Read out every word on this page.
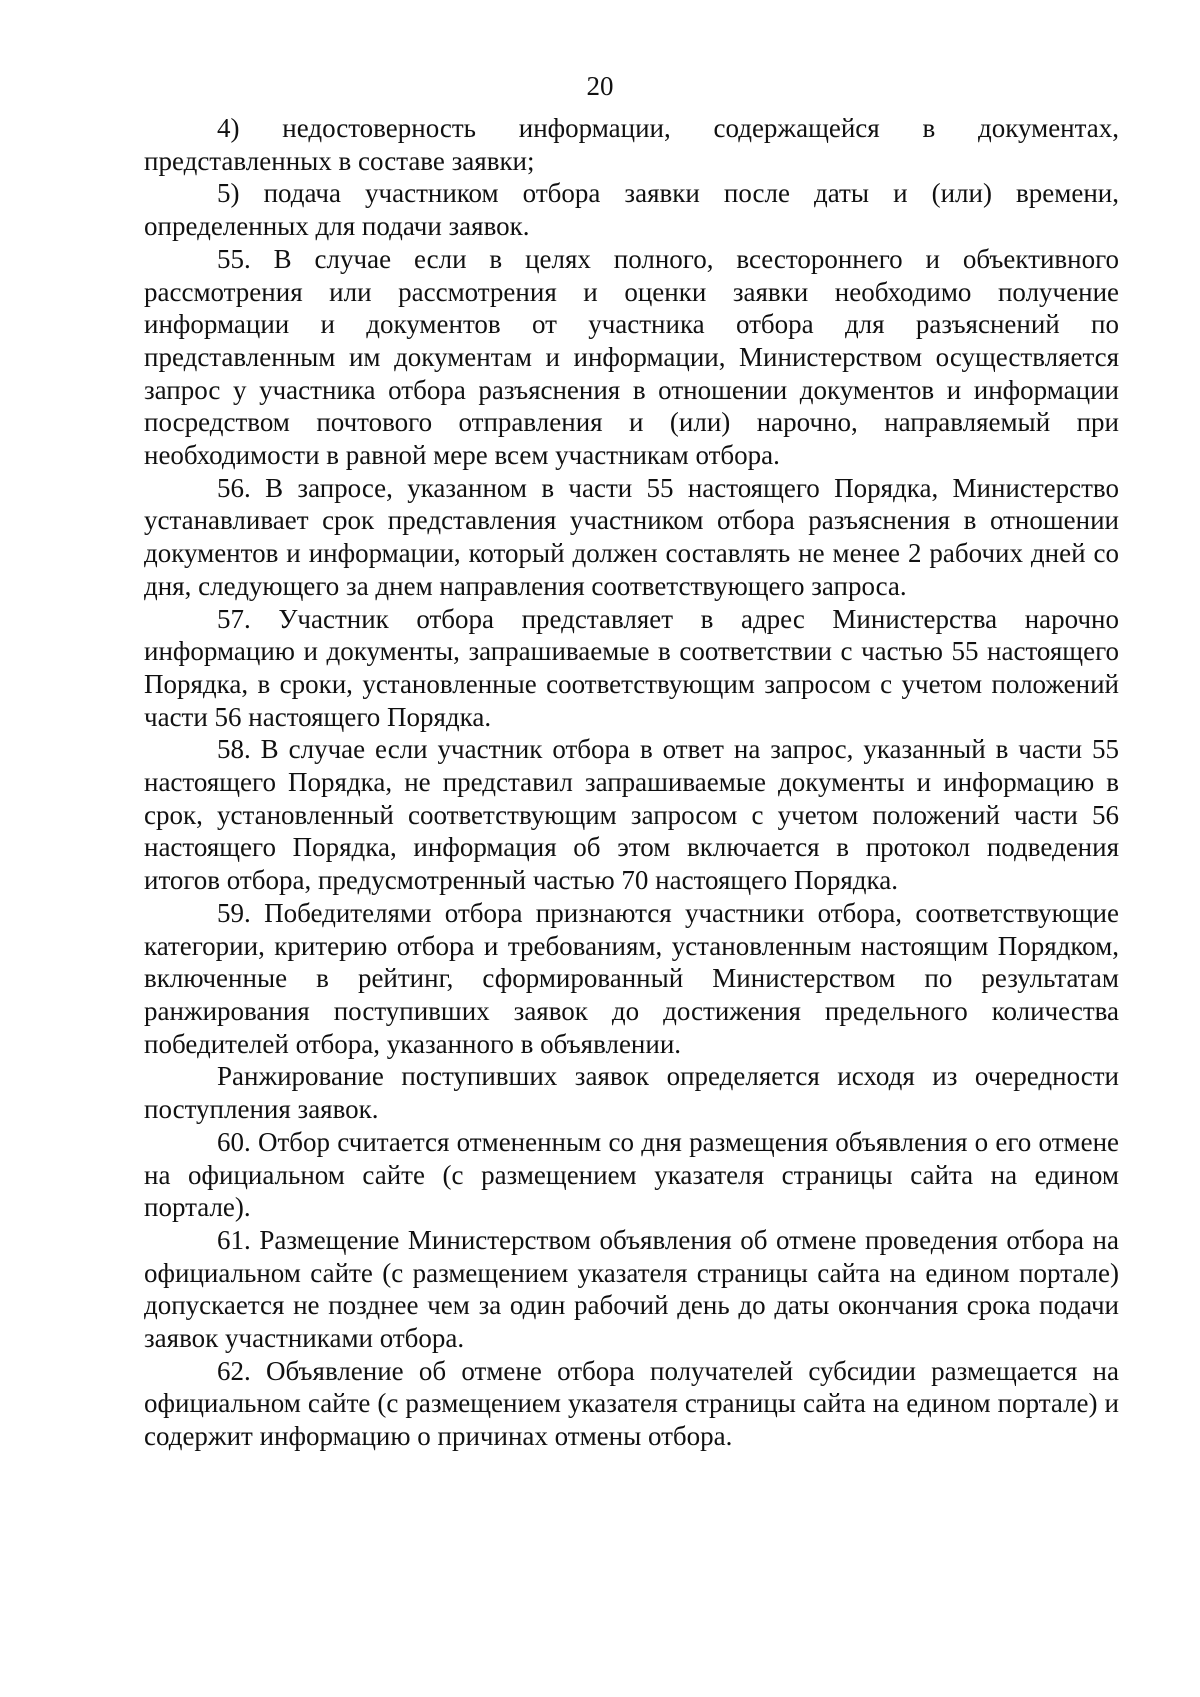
20

4) недостоверность информации, содержащейся в документах, представленных в составе заявки;

5) подача участником отбора заявки после даты и (или) времени, определенных для подачи заявок.

55. В случае если в целях полного, всестороннего и объективного рассмотрения или рассмотрения и оценки заявки необходимо получение информации и документов от участника отбора для разъяснений по представленным им документам и информации, Министерством осуществляется запрос у участника отбора разъяснения в отношении документов и информации посредством почтового отправления и (или) нарочно, направляемый при необходимости в равной мере всем участникам отбора.

56. В запросе, указанном в части 55 настоящего Порядка, Министерство устанавливает срок представления участником отбора разъяснения в отношении документов и информации, который должен составлять не менее 2 рабочих дней со дня, следующего за днем направления соответствующего запроса.

57. Участник отбора представляет в адрес Министерства нарочно информацию и документы, запрашиваемые в соответствии с частью 55 настоящего Порядка, в сроки, установленные соответствующим запросом с учетом положений части 56 настоящего Порядка.

58. В случае если участник отбора в ответ на запрос, указанный в части 55 настоящего Порядка, не представил запрашиваемые документы и информацию в срок, установленный соответствующим запросом с учетом положений части 56 настоящего Порядка, информация об этом включается в протокол подведения итогов отбора, предусмотренный частью 70 настоящего Порядка.

59. Победителями отбора признаются участники отбора, соответствующие категории, критерию отбора и требованиям, установленным настоящим Порядком, включенные в рейтинг, сформированный Министерством по результатам ранжирования поступивших заявок до достижения предельного количества победителей отбора, указанного в объявлении.

Ранжирование поступивших заявок определяется исходя из очередности поступления заявок.

60. Отбор считается отмененным со дня размещения объявления о его отмене на официальном сайте (с размещением указателя страницы сайта на едином портале).

61. Размещение Министерством объявления об отмене проведения отбора на официальном сайте (с размещением указателя страницы сайта на едином портале) допускается не позднее чем за один рабочий день до даты окончания срока подачи заявок участниками отбора.

62. Объявление об отмене отбора получателей субсидии размещается на официальном сайте (с размещением указателя страницы сайта на едином портале) и содержит информацию о причинах отмены отбора.
